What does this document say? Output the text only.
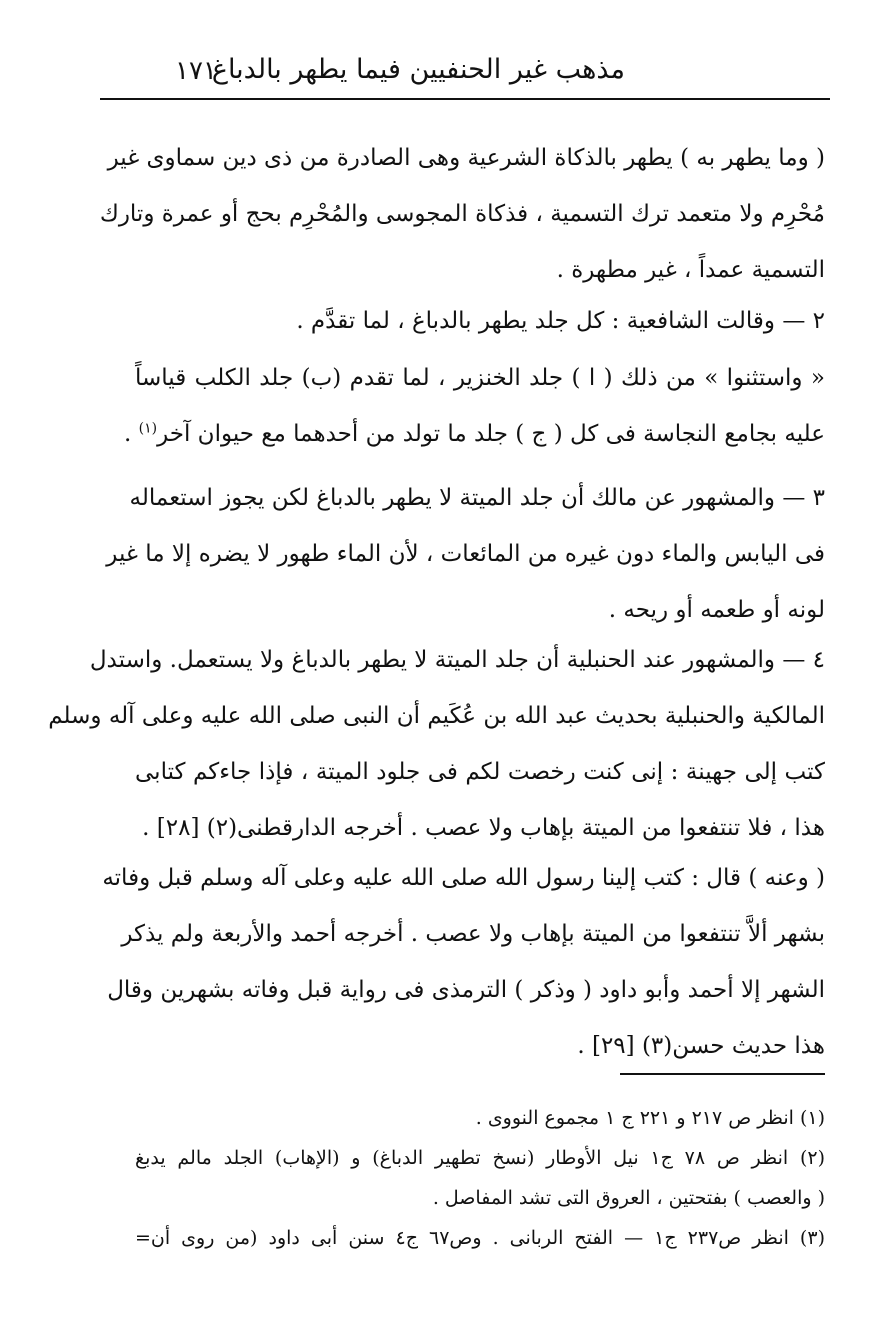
١٧١
مذهب غير الحنفيين فيما يطهر بالدباغ
( وما يطهر به ) يطهر بالذكاة الشرعية وهى الصادرة من ذى دين سماوى غير
مُحْرِم ولا متعمد ترك التسمية ، فذكاة المجوسى والمُحْرِم بحج أو عمرة وتارك
التسمية عمداً ، غير مطهرة .
٢ — وقالت الشافعية : كل جلد يطهر بالدباغ ، لما تقدَّم .
« واستثنوا » من ذلك ( ا ) جلد الخنزير ، لما تقدم (ب) جلد الكلب قياساً
عليه بجامع النجاسة فى كل ( ج ) جلد ما تولد من أحدهما مع حيوان آخر$^{(١)}$ .
٣ — والمشهور عن مالك أن جلد الميتة لا يطهر بالدباغ لكن يجوز استعماله
فى اليابس والماء دون غيره من المائعات ، لأن الماء طهور لا يضره إلا ما غير
لونه أو طعمه أو ريحه .
٤ — والمشهور عند الحنبلية أن جلد الميتة لا يطهر بالدباغ ولا يستعمل. واستدل
المالكية والحنبلية بحديث عبد الله بن عُكَيم أن النبى صلى الله عليه وعلى آله وسلم
كتب إلى جهينة : إنى كنت رخصت لكم فى جلود الميتة ، فإذا جاءكم كتابى
هذا ، فلا تنتفعوا من الميتة بإهاب ولا عصب . أخرجه الدارقطنى(٢) [٢٨] .
( وعنه ) قال : كتب إلينا رسول الله صلى الله عليه وعلى آله وسلم قبل وفاته
بشهر ألاَّ تنتفعوا من الميتة بإهاب ولا عصب . أخرجه أحمد والأربعة ولم يذكر
الشهر إلا أحمد وأبو داود ( وذكر ) الترمذى فى رواية قبل وفاته بشهرين وقال
هذا حديث حسن(٣) [٢٩] .
(١) انظر ص ٢١٧ و ٢٢١ ج ١ مجموع النووى .
(٢) انظر ص ٧٨ ج١ نيل الأوطار (نسخ تطهير الدباغ) و (الإهاب) الجلد مالم يدبغ
( والعصب ) بفتحتين ، العروق التى تشد المفاصل .
(٣) انظر ص٢٣٧ ج١ — الفتح الربانى . وص٦٧ ج٤ سنن أبى داود (من روى أن=
